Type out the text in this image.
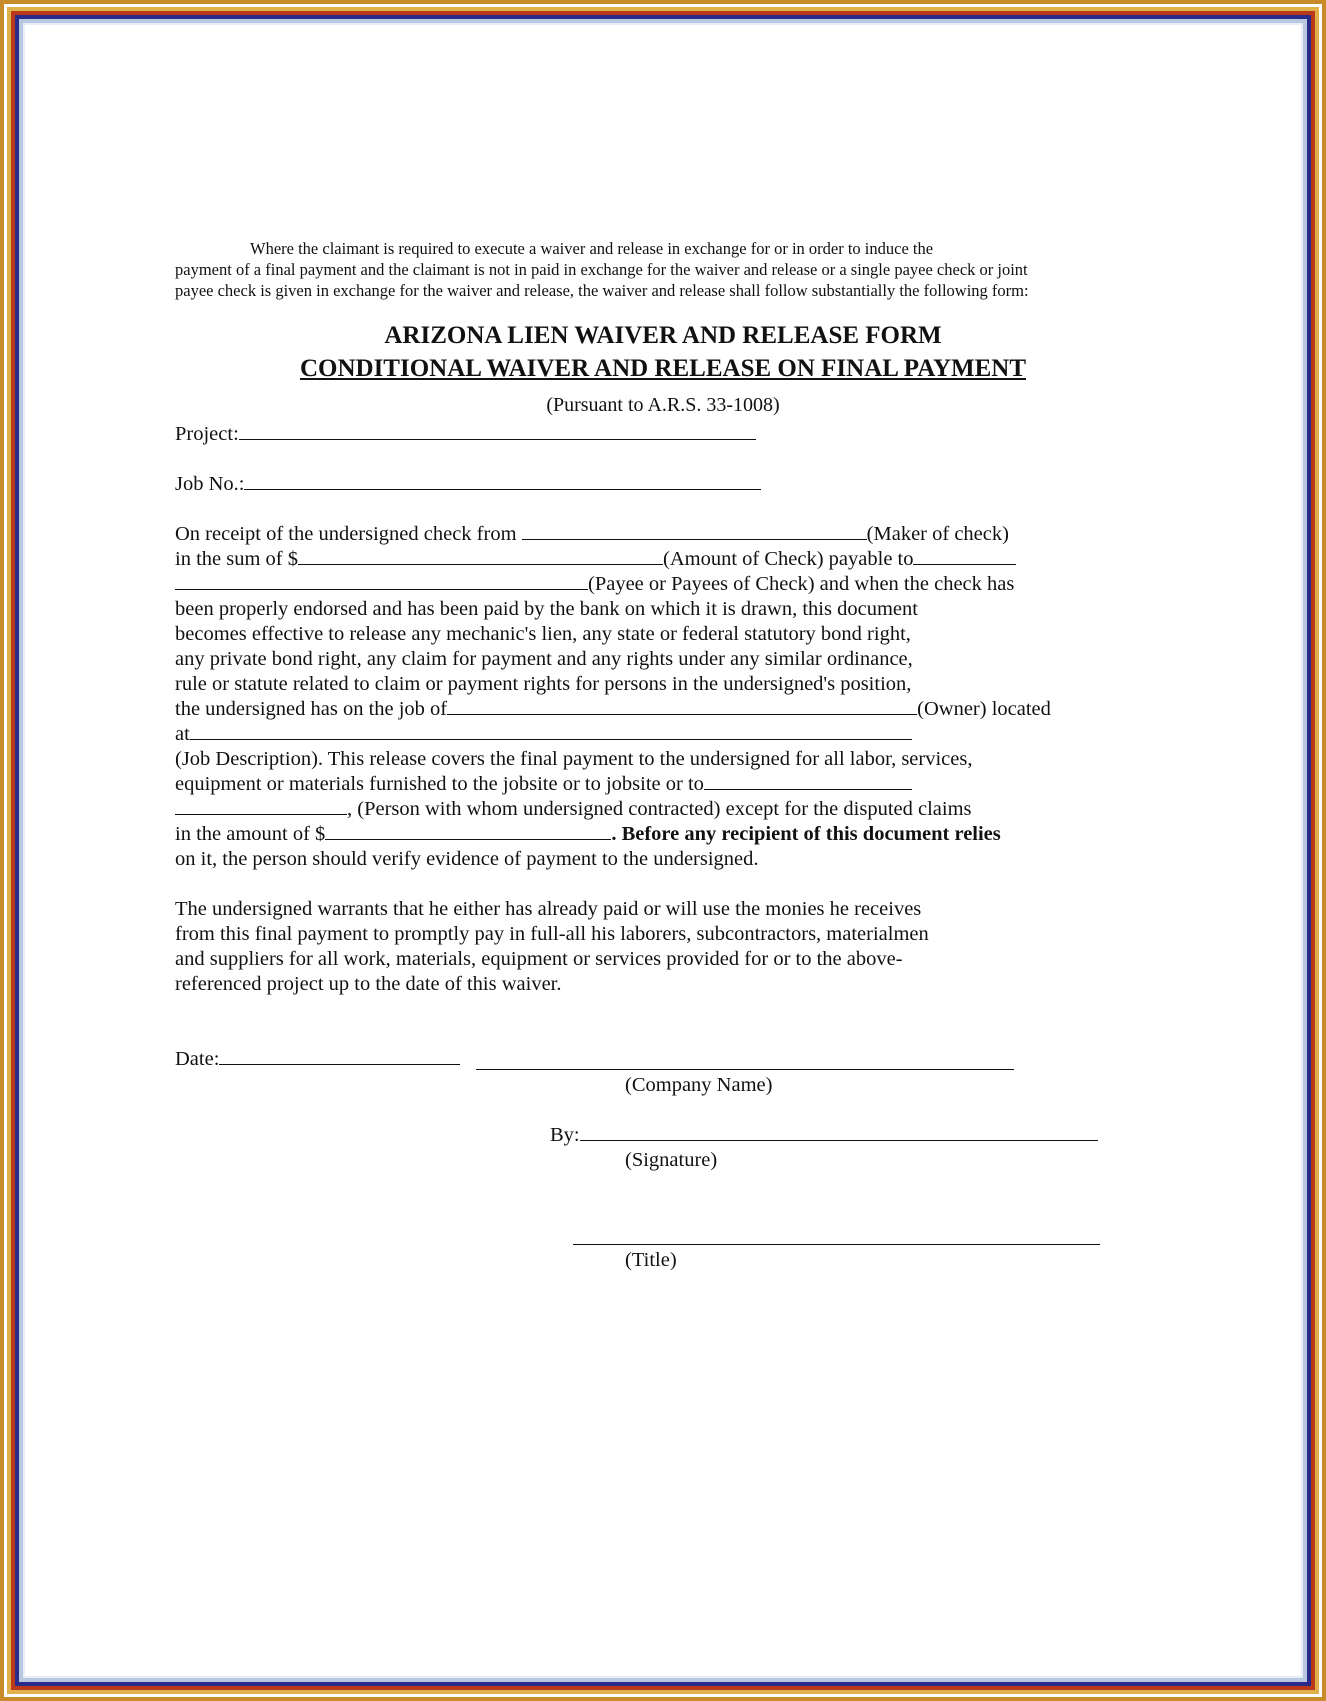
Where the claimant is required to execute a waiver and release in exchange for or in order to induce the
payment of a final payment and the claimant is not in paid in exchange for the waiver and release or a single payee check or joint
payee check is given in exchange for the waiver and release, the waiver and release shall follow substantially the following form:
ARIZONA LIEN WAIVER AND RELEASE FORM
CONDITIONAL WAIVER AND RELEASE ON FINAL PAYMENT
(Pursuant to A.R.S. 33-1008)
Project:
Job No.:
On receipt of the undersigned check from	(Maker of check)
in the sum of $	(Amount of Check) payable to
(Payee or Payees of Check) and when the check has
been properly endorsed and has been paid by the bank on which it is drawn, this document
becomes effective to release any mechanic's lien, any state or federal statutory bond right,
any private bond right, any claim for payment and any rights under any similar ordinance,
rule or statute related to claim or payment rights for persons in the undersigned's position,
the undersigned has on the job of	(Owner) located
at
(Job Description). This release covers the final payment to the undersigned for all labor, services,
equipment or materials furnished to the jobsite or to jobsite or to
, (Person with whom undersigned contracted) except for the disputed claims
in the amount of $	. Before any recipient of this document relies
on it, the person should verify evidence of payment to the undersigned.
The undersigned warrants that he either has already paid or will use the monies he receives
from this final payment to promptly pay in full-all his laborers, subcontractors, materialmen
and suppliers for all work, materials, equipment or services provided for or to the above-
referenced project up to the date of this waiver.
Date:
(Company Name)
By:
(Signature)
(Title)
